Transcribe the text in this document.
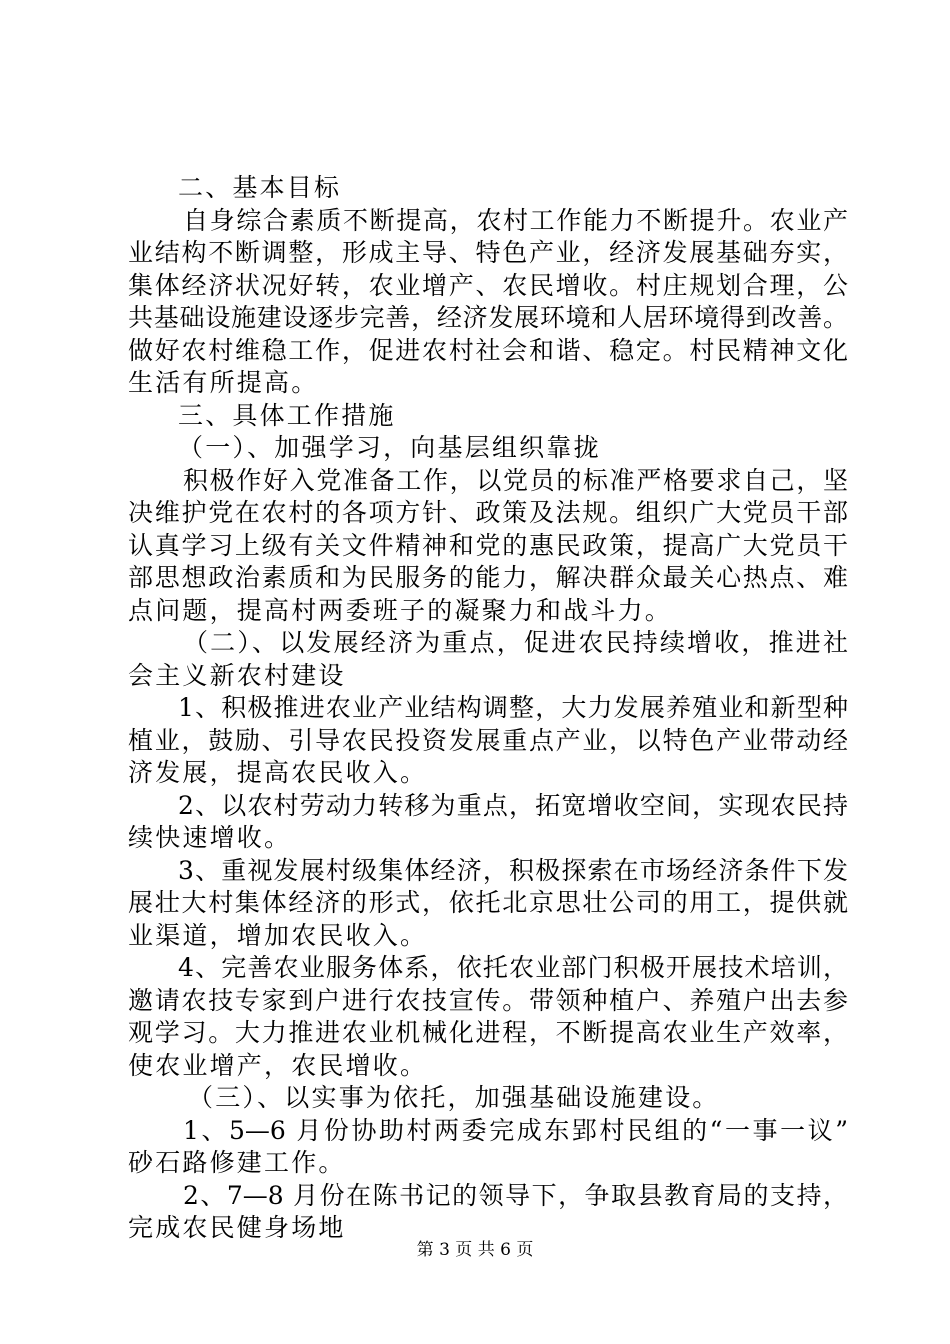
二、基本目标
自身综合素质不断提高，农村工作能力不断提升。农业产
业结构不断调整，形成主导、特色产业，经济发展基础夯实，
集体经济状况好转，农业增产、农民增收。村庄规划合理，公
共基础设施建设逐步完善，经济发展环境和人居环境得到改善。
做好农村维稳工作，促进农村社会和谐、稳定。村民精神文化
生活有所提高。
三、具体工作措施
（一）、加强学习，向基层组织靠拢
积极作好入党准备工作，以党员的标准严格要求自己，坚
决维护党在农村的各项方针、政策及法规。组织广大党员干部
认真学习上级有关文件精神和党的惠民政策，提高广大党员干
部思想政治素质和为民服务的能力，解决群众最关心热点、难
点问题，提高村两委班子的凝聚力和战斗力。
（二）、以发展经济为重点，促进农民持续增收，推进社
会主义新农村建设
1、积极推进农业产业结构调整，大力发展养殖业和新型种
植业，鼓励、引导农民投资发展重点产业，以特色产业带动经
济发展，提高农民收入。
2、以农村劳动力转移为重点，拓宽增收空间，实现农民持
续快速增收。
3、重视发展村级集体经济，积极探索在市场经济条件下发
展壮大村集体经济的形式，依托北京思壮公司的用工，提供就
业渠道，增加农民收入。
4、完善农业服务体系，依托农业部门积极开展技术培训，
邀请农技专家到户进行农技宣传。带领种植户、养殖户出去参
观学习。大力推进农业机械化进程，不断提高农业生产效率，
使农业增产，农民增收。
（三）、以实事为依托，加强基础设施建设。
1、5—6 月份协助村两委完成东郢村民组的“一事一议”
砂石路修建工作。
2、7—8 月份在陈书记的领导下，争取县教育局的支持，
完成农民健身场地
第 3 页 共 6 页
